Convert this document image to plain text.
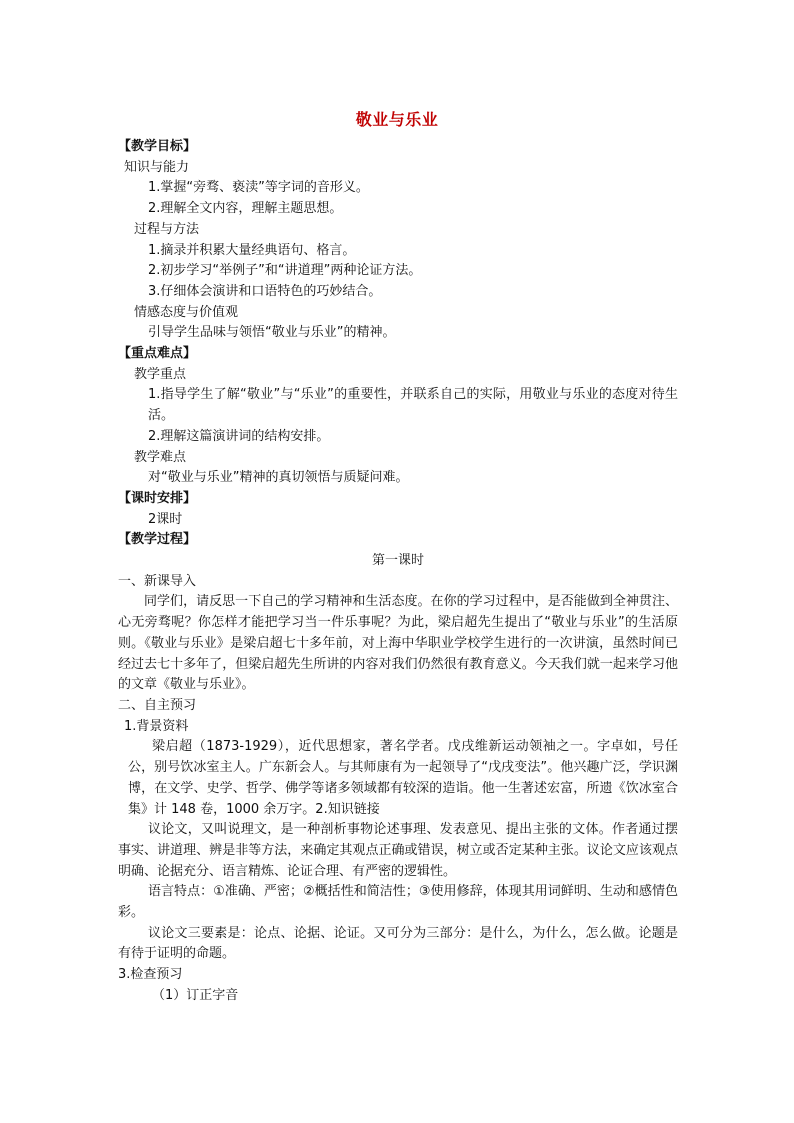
敬业与乐业

【教学目标】

知识与能力

1.掌握“旁骛、亵渎”等字词的音形义。

2.理解全文内容，理解主题思想。

过程与方法

1.摘录并积累大量经典语句、格言。

2.初步学习“举例子”和“讲道理”两种论证方法。

3.仔细体会演讲和口语特色的巧妙结合。

情感态度与价值观

引导学生品味与领悟“敬业与乐业”的精神。

【重点难点】

教学重点

1.指导学生了解“敬业”与“乐业”的重要性，并联系自己的实际，用敬业与乐业的态度对待生活。

2.理解这篇演讲词的结构安排。

教学难点

对“敬业与乐业”精神的真切领悟与质疑问难。

【课时安排】

2课时

【教学过程】

第一课时

一、新课导入

同学们，请反思一下自己的学习精神和生活态度。在你的学习过程中，是否能做到全神贯注、心无旁骛呢？你怎样才能把学习当一件乐事呢？为此，梁启超先生提出了“敬业与乐业”的生活原则。《敬业与乐业》是梁启超七十多年前，对上海中华职业学校学生进行的一次讲演，虽然时间已经过去七十多年了，但梁启超先生所讲的内容对我们仍然很有教育意义。今天我们就一起来学习他的文章《敬业与乐业》。

二、自主预习

1.背景资料

梁启超（1873-1929），近代思想家，著名学者。戊戌维新运动领袖之一。字卓如，号任公，别号饮冰室主人。广东新会人。与其师康有为一起领导了“戊戌变法”。他兴趣广泛，学识渊博，在文学、史学、哲学、佛学等诸多领域都有较深的造诣。他一生著述宏富，所遗《饮冰室合集》计 148 卷，1000 余万字。2.知识链接

议论文，又叫说理文，是一种剖析事物论述事理、发表意见、提出主张的文体。作者通过摆事实、讲道理、辨是非等方法，来确定其观点正确或错误，树立或否定某种主张。议论文应该观点明确、论据充分、语言精炼、论证合理、有严密的逻辑性。

语言特点：①准确、严密；②概括性和简洁性；③使用修辞，体现其用词鲜明、生动和感情色彩。

议论文三要素是：论点、论据、论证。又可分为三部分：是什么，为什么，怎么做。论题是有待于证明的命题。

3.检查预习

（1）订正字音
